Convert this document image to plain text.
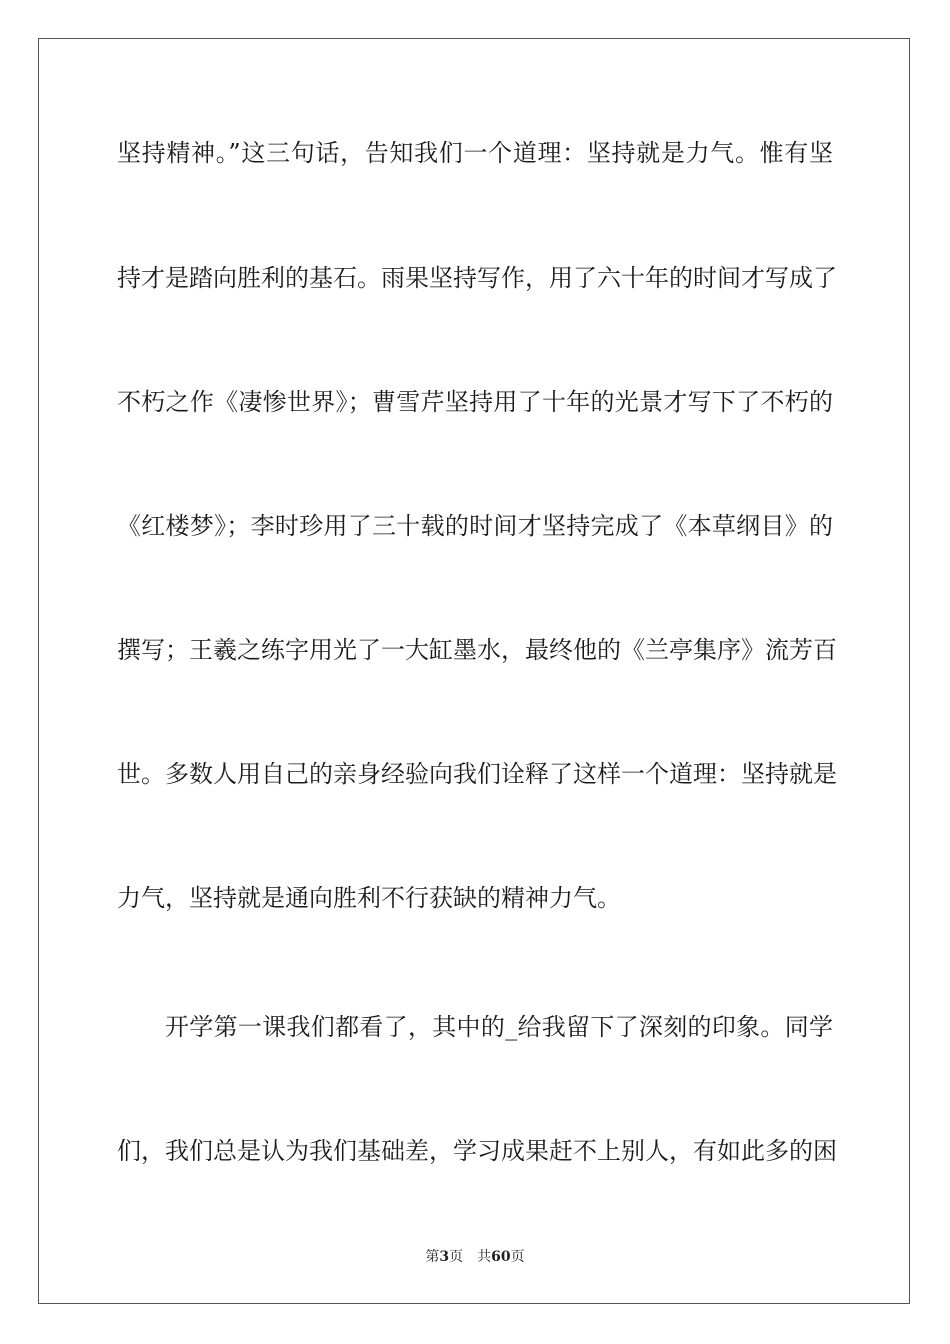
坚持精神。”这三句话，告知我们一个道理：坚持就是力气。惟有坚
持才是踏向胜利的基石。雨果坚持写作，用了六十年的时间才写成了
不朽之作《凄惨世界》；曹雪芹坚持用了十年的光景才写下了不朽的
《红楼梦》；李时珍用了三十载的时间才坚持完成了《本草纲目》的
撰写；王羲之练字用光了一大缸墨水，最终他的《兰亭集序》流芳百
世。多数人用自己的亲身经验向我们诠释了这样一个道理：坚持就是
力气，坚持就是通向胜利不行获缺的精神力气。
开学第一课我们都看了，其中的_给我留下了深刻的印象。同学
们，我们总是认为我们基础差，学习成果赶不上别人，有如此多的困
第3页 共60页
